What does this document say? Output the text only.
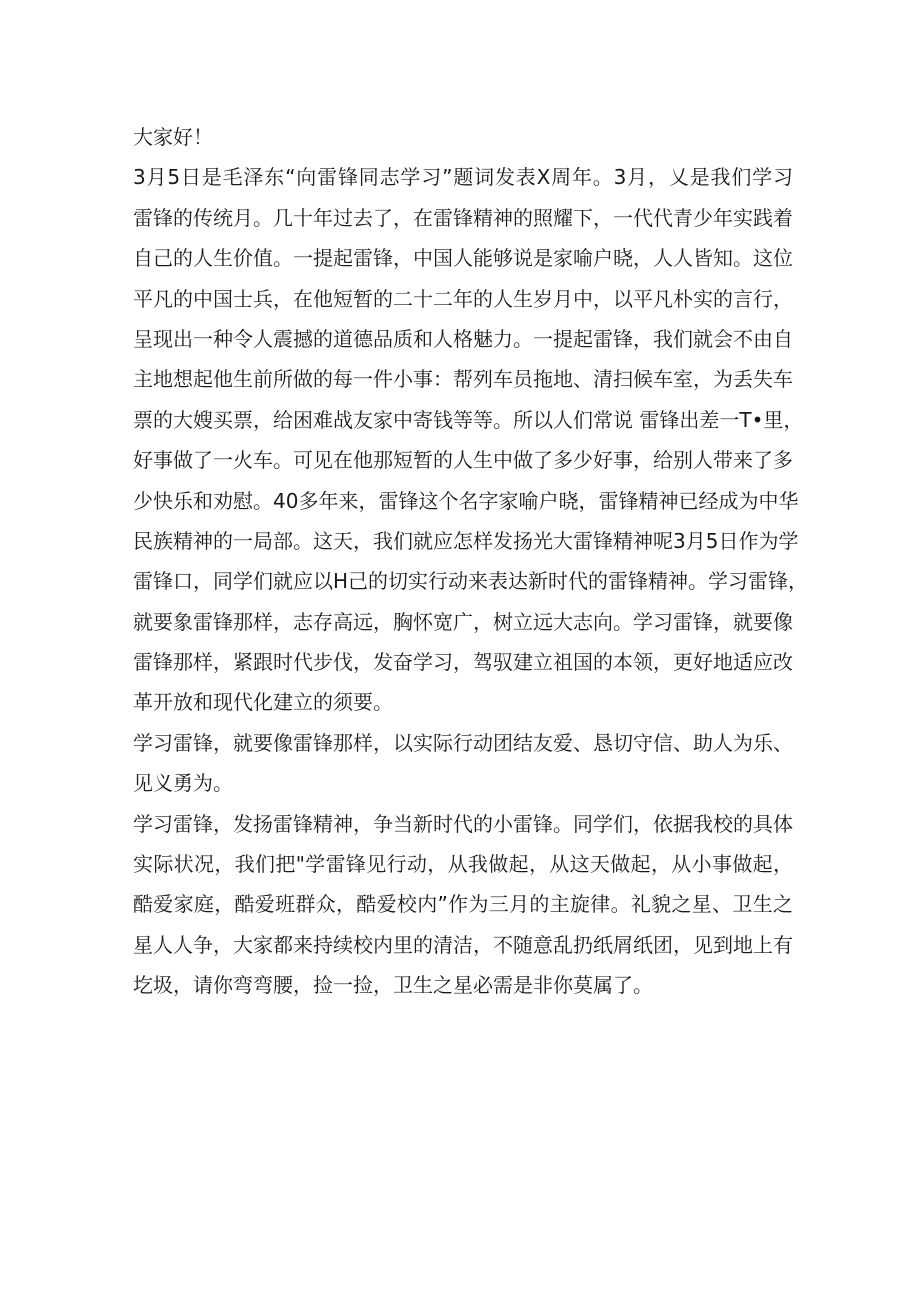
大家好！
3月5日是毛泽东“向雷锋同志学习”题词发表X周年。3月，乂是我们学习
雷锋的传统月。几十年过去了，在雷锋精神的照耀下，一代代青少年实践着
自己的人生价值。一提起雷锋，中国人能够说是家喻户晓，人人皆知。这位
平凡的中国士兵，在他短暂的二十二年的人生岁月中，以平凡朴实的言行，
呈现出一种令人震撼的道德品质和人格魅力。一提起雷锋，我们就会不由自
主地想起他生前所做的每一件小事：帮列车员拖地、清扫候车室，为丢失车
票的大嫂买票，给困难战友家中寄钱等等。所以人们常说 雷锋出差一T•里，
好事做了一火车。可见在他那短暂的人生中做了多少好事，给别人带来了多
少快乐和劝慰。40多年来，雷锋这个名字家喻户晓，雷锋精神已经成为中华
民族精神的一局部。这天，我们就应怎样发扬光大雷锋精神呢3月5日作为学
雷锋口，同学们就应以H己的切实行动来表达新时代的雷锋精神。学习雷锋，
就要象雷锋那样，志存高远，胸怀宽广，树立远大志向。学习雷锋，就要像
雷锋那样，紧跟时代步伐，发奋学习，驾驭建立祖国的本领，更好地适应改
革开放和现代化建立的须要。
学习雷锋，就要像雷锋那样，以实际行动团结友爱、恳切守信、助人为乐、
见义勇为。
学习雷锋，发扬雷锋精神，争当新时代的小雷锋。同学们，依据我校的具体
实际状况，我们把"学雷锋见行动，从我做起，从这天做起，从小事做起，
酷爱家庭，酷爱班群众，酷爱校内”作为三月的主旋律。礼貌之星、卫生之
星人人争，大家都来持续校内里的清洁，不随意乱扔纸屑纸团，见到地上有
圪圾，请你弯弯腰，捡一捡，卫生之星必需是非你莫属了。
